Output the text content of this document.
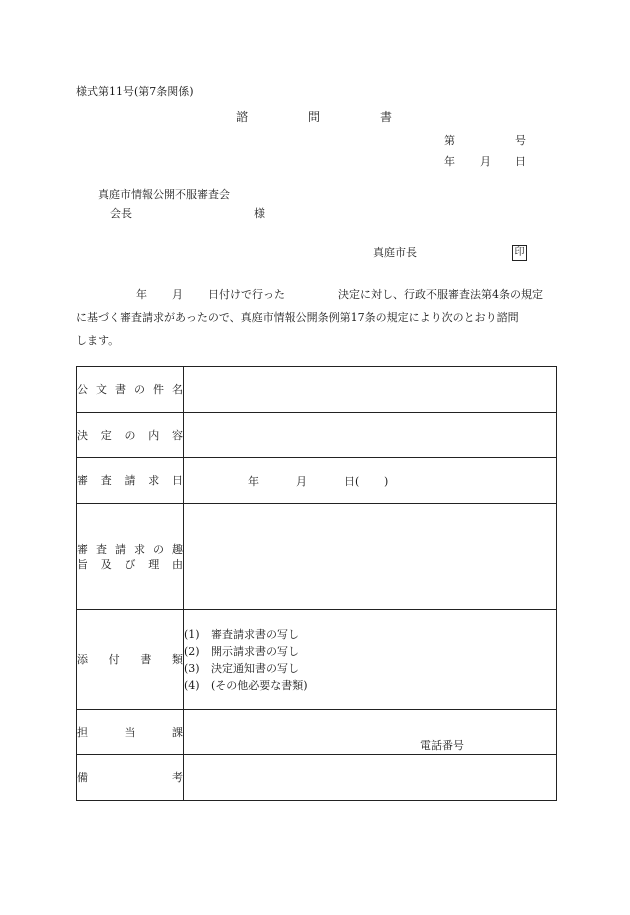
様式第11号(第7条関係)
諮	問	書
第	号
年 月 日
真庭市情報公開不服審査会
会長	様
真庭市長	印
年 月 日付けで行った	決定に対し、行政不服審査法第4条の規定
に基づく審査請求があったので、真庭市情報公開条例第17条の規定により次のとおり諮問
します。
公文書の件名	
決定の内容	
審査請求日	年 月 日( )

審査請求の趣
旨及び理由	

添付書類	(1) 審査請求書の写し
(2) 開示請求書の写し
(3) 決定通知書の写し
(4) (その他必要な書類)

担当課	電話番号

備考	
